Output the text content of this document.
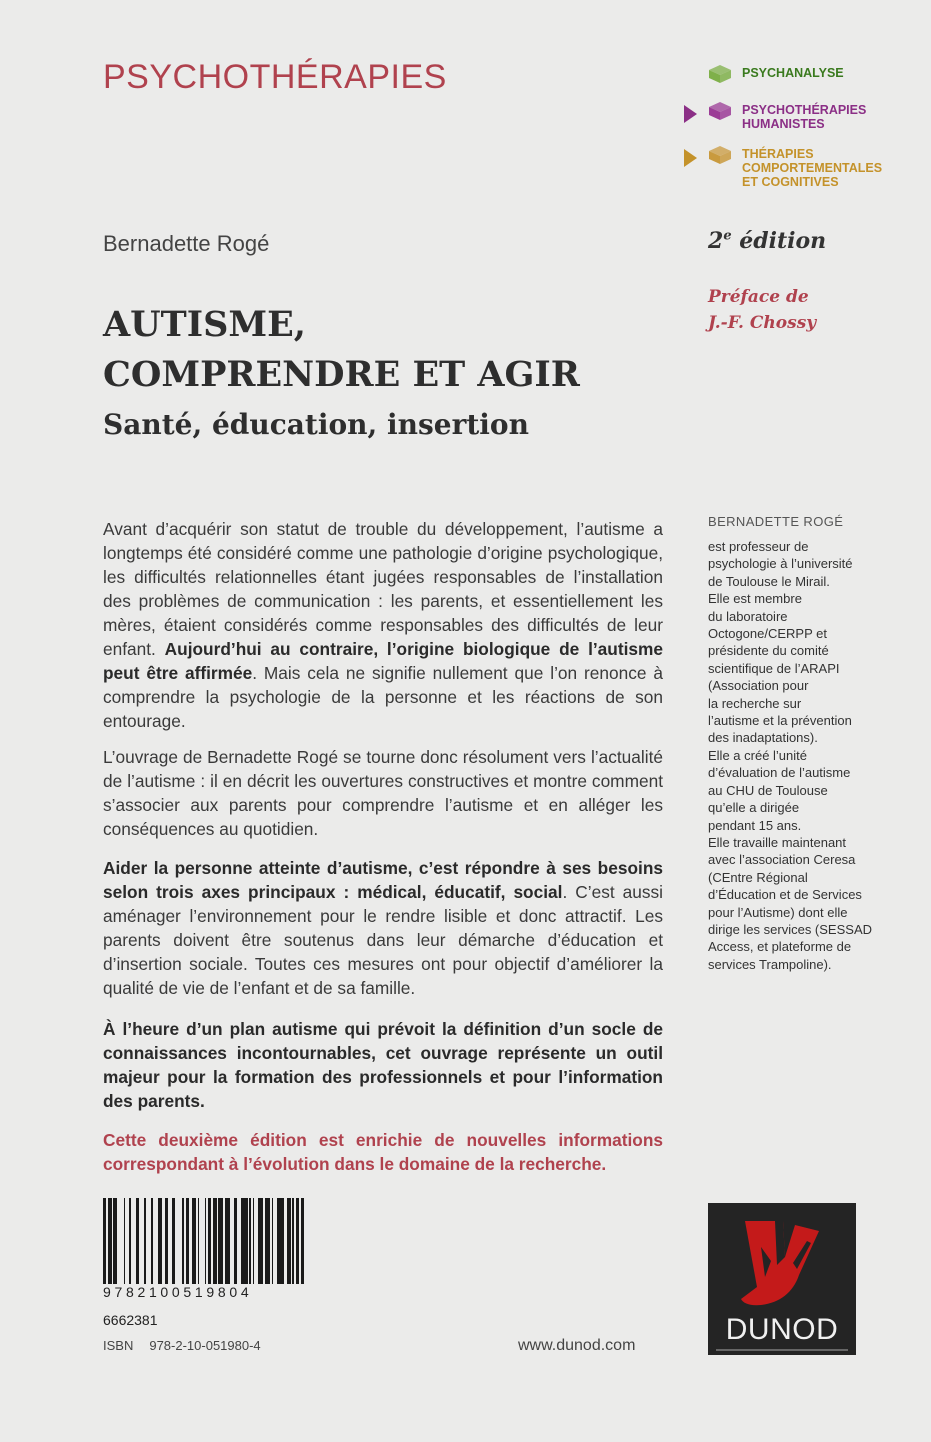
PSYCHOTHÉRAPIES	PSYCHANALYSE
PSYCHOTHÉRAPIES
HUMANISTES
THÉRAPIES
COMPORTEMENTALES
ET COGNITIVES
Bernadette Rogé	2e édition
Préface de
J.-F. Chossy
AUTISME,
COMPRENDRE ET AGIR
Santé, éducation, insertion
Avant d’acquérir son statut de trouble du développement, l’autisme a longtemps été considéré comme une pathologie d’origine psychologique, les difficultés relationnelles étant jugées responsables de l’installation des problèmes de communication : les parents, et essentiellement les mères, étaient considérés comme responsables des difficultés de leur enfant. Aujourd’hui au contraire, l’origine biologique de l’autisme peut être affirmée. Mais cela ne signifie nullement que l’on renonce à comprendre la psychologie de la personne et les réactions de son entourage.
L’ouvrage de Bernadette Rogé se tourne donc résolument vers l’actualité de l’autisme : il en décrit les ouvertures constructives et montre comment s’associer aux parents pour comprendre l’autisme et en alléger les conséquences au quotidien.
Aider la personne atteinte d’autisme, c’est répondre à ses besoins selon trois axes principaux : médical, éducatif, social. C’est aussi aménager l’environnement pour le rendre lisible et donc attractif. Les parents doivent être soutenus dans leur démarche d’éducation et d’insertion sociale. Toutes ces mesures ont pour objectif d’améliorer la qualité de vie de l’enfant et de sa famille.
À l’heure d’un plan autisme qui prévoit la définition d’un socle de connaissances incontournables, cet ouvrage représente un outil majeur pour la formation des professionnels et pour l’information des parents.
Cette deuxième édition est enrichie de nouvelles informations correspondant à l’évolution dans le domaine de la recherche.
BERNADETTE ROGÉ
est professeur de
psychologie à l’université
de Toulouse le Mirail.
Elle est membre
du laboratoire
Octogone/CERPP et
présidente du comité
scientifique de l’ARAPI
(Association pour
la recherche sur
l’autisme et la prévention
des inadaptations).
Elle a créé l’unité
d’évaluation de l’autisme
au CHU de Toulouse
qu’elle a dirigée
pendant 15 ans.
Elle travaille maintenant
avec l’association Ceresa
(CEntre Régional
d’Éducation et de Services
pour l’Autisme) dont elle
dirige les services (SESSAD
Access, et plateforme de
services Trampoline).
9782100519804
6662381
ISBN 978-2-10-051980-4	www.dunod.com	DUNOD
